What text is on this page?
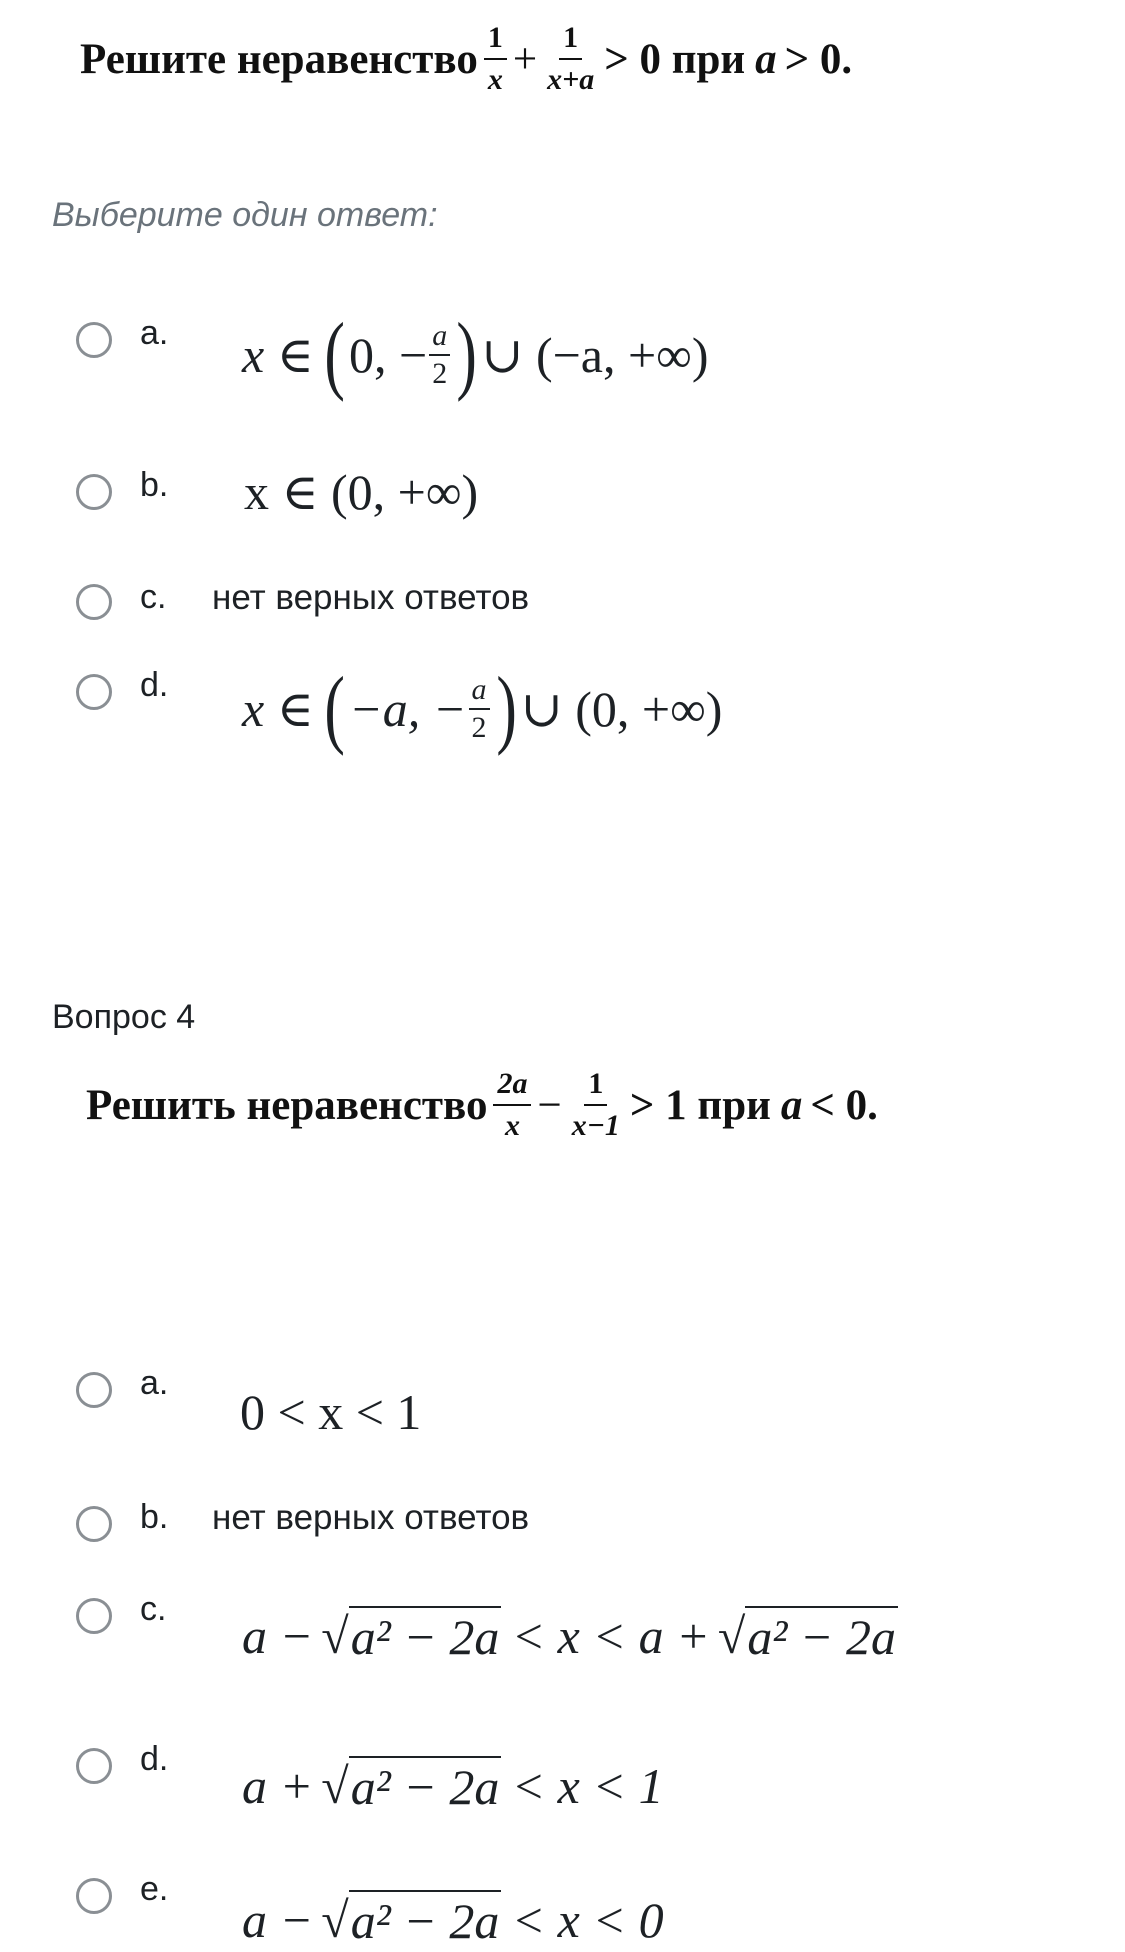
Решите неравенство $\frac{1}{x} + \frac{1}{x+a} > 0$ при a > 0.
Выберите один ответ:
a. x ∈ ( 0, − $\frac{a}{2}$ ) ∪ (−a, +∞)
b. x ∈ (0, +∞)
c. нет верных ответов
d. x ∈ ( −a, − $\frac{a}{2}$ ) ∪ (0, +∞)
Вопрос 4
Решить неравенство $\frac{2a}{x} - \frac{1}{x-1} > 1$ при a < 0.
a.
0 < x < 1
b. нет верных ответов
c. a − √ a² − 2a < x < a + √ a² − 2a
d. a + √ a² − 2a < x < 1
e.
a − √ a² − 2a < x < 0
